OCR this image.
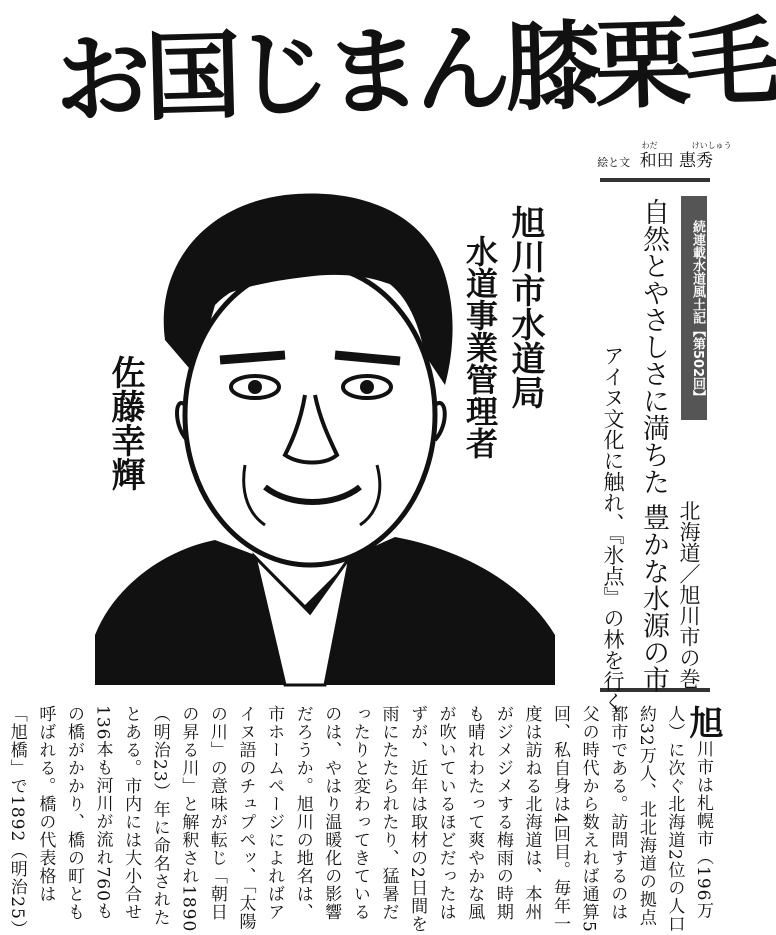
お国じまん膝栗毛
絵と文
わだ	けいしゅう
和田 惠秀
旭川市水道局
水道事業管理者
佐藤幸輝
続連載水道風土記【第502回】
自然とやさしさに満ちた 豊かな水源の市
アイヌ文化に触れ、『氷点』の林を行く 北海道／旭川市の巻
旭川市は札幌市（196万人）に次ぐ北海道2位の人口約32万人、北北海道の拠点都市である。訪問するのは父の時代から数えれば通算5回、私自身は4回目。毎年一度は訪ねる北海道は、本州がジメジメする梅雨の時期も晴れわたって爽やかな風が吹いているほどだったはずが、近年は取材の2日間を雨にたたられたり、猛暑だったりと変わってきているのは、やはり温暖化の影響だろうか。旭川の地名は、市ホームページによればアイヌ語のチュプペッ、「太陽の川」の意味が転じ「朝日の昇る川」と解釈され1890（明治23）年に命名されたとある。市内には大小合せ136本も河川が流れ760もの橋がかかり、橋の町とも呼ばれる。橋の代表格は「旭橋」で1892（明治25）
